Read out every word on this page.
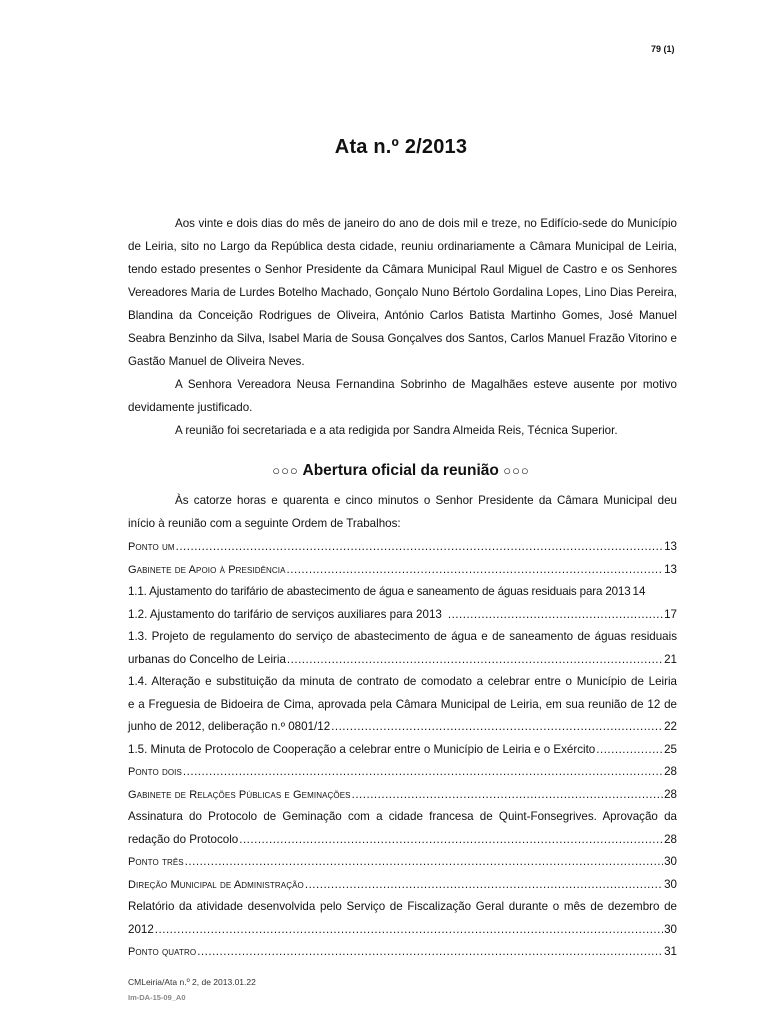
79 (1)
Ata n.º 2/2013

Aos vinte e dois dias do mês de janeiro do ano de dois mil e treze, no Edifício-sede do Município de Leiria, sito no Largo da República desta cidade, reuniu ordinariamente a Câmara Municipal de Leiria, tendo estado presentes o Senhor Presidente da Câmara Municipal Raul Miguel de Castro e os Senhores Vereadores Maria de Lurdes Botelho Machado, Gonçalo Nuno Bértolo Gordalina Lopes, Lino Dias Pereira, Blandina da Conceição Rodrigues de Oliveira, António Carlos Batista Martinho Gomes, José Manuel Seabra Benzinho da Silva, Isabel Maria de Sousa Gonçalves dos Santos, Carlos Manuel Frazão Vitorino e Gastão Manuel de Oliveira Neves.

A Senhora Vereadora Neusa Fernandina Sobrinho de Magalhães esteve ausente por motivo devidamente justificado.

A reunião foi secretariada e a ata redigida por Sandra Almeida Reis, Técnica Superior.

○○○ Abertura oficial da reunião ○○○

Às catorze horas e quarenta e cinco minutos o Senhor Presidente da Câmara Municipal deu início à reunião com a seguinte Ordem de Trabalhos:

Ponto um .....	13
Gabinete de Apoio à Presidência .....	13
1.1. Ajustamento do tarifário de abastecimento de água e saneamento de águas residuais para 2013 14
1.2. Ajustamento do tarifário de serviços auxiliares para 2013 .....	17
1.3. Projeto de regulamento do serviço de abastecimento de água e de saneamento de águas residuais
urbanas do Concelho de Leiria .....	21
1.4. Alteração e substituição da minuta de contrato de comodato a celebrar entre o Município de Leiria
e a Freguesia de Bidoeira de Cima, aprovada pela Câmara Municipal de Leiria, em sua reunião de 12 de
junho de 2012, deliberação n.º 0801/12 .....	22
1.5. Minuta de Protocolo de Cooperação a celebrar entre o Município de Leiria e o Exército .....	25
Ponto dois .....	28
Gabinete de Relações Públicas e Geminações .....	28
Assinatura do Protocolo de Geminação com a cidade francesa de Quint-Fonsegrives. Aprovação da
redação do Protocolo .....	28
Ponto três .....	30
Direção Municipal de Administração .....	30
Relatório da atividade desenvolvida pelo Serviço de Fiscalização Geral durante o mês de dezembro de
2012 .....	30
Ponto quatro .....	31
CMLeiria/Ata n.º 2, de 2013.01.22
Im-DA-15-09_A0
